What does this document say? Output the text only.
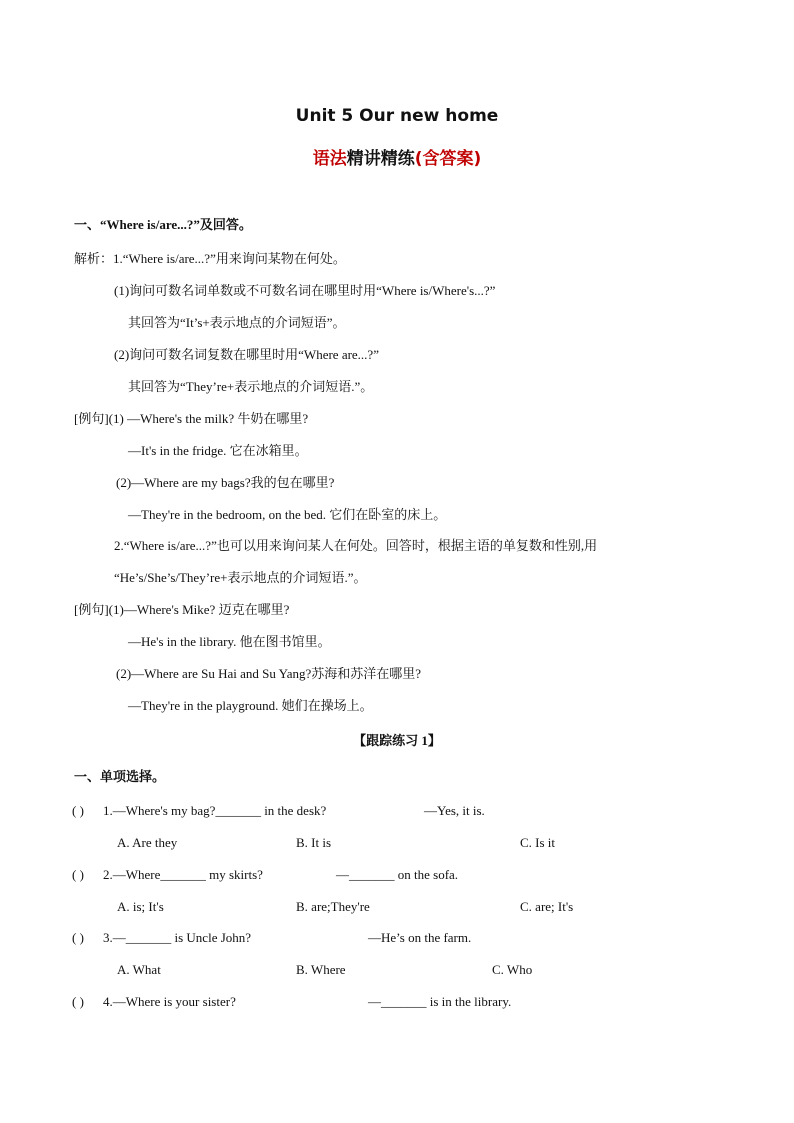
Unit 5 Our new home
语法精讲精练(含答案)
一、“Where is/are...?”及回答。
解析：1.“Where is/are...?”用来询问某物在何处。
(1)询问可数名词单数或不可数名词在哪里时用“Where is/Where's...?”
其回答为“It’s+表示地点的介词短语”。
(2)询问可数名词复数在哪里时用“Where are...?”
其回答为“They’re+表示地点的介词短语.”。
[例句](1) —Where's the milk? 牛奶在哪里?
—It's in the fridge. 它在冰箱里。
(2)—Where are my bags?我的包在哪里?
—They're in the bedroom, on the bed. 它们在卧室的床上。
2.“Where is/are...?”也可以用来询问某人在何处。回答时，根据主语的单复数和性别,用
“He’s/She’s/They’re+表示地点的介词短语.”。
[例句](1)—Where's Mike? 迈克在哪里?
—He's in the library. 他在图书馆里。
(2)—Where are Su Hai and Su Yang?苏海和苏洋在哪里?
—They're in the playground. 她们在操场上。
【跟踪练习 1】
一、单项选择。
( ) 1.—Where's my bag?_______ in the desk?	—Yes, it is.
A. Are they	B. It is	C. Is it
( ) 2.—Where_______ my skirts?	—_______ on the sofa.
A. is; It's	B. are;They're	C. are; It's
( ) 3.—_______ is Uncle John?	—He’s on the farm.
A. What	B. Where	C. Who
( ) 4.—Where is your sister?	—_______ is in the library.
